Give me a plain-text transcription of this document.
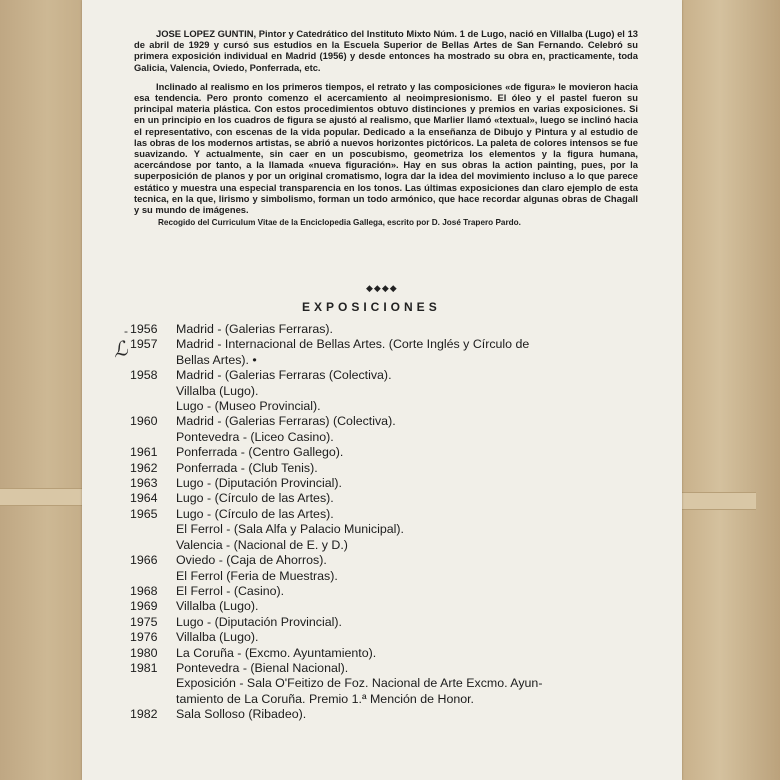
JOSE LOPEZ GUNTIN, Pintor y Catedrático del Instituto Mixto Núm. 1 de Lugo, nació en Villalba (Lugo) el 13 de abril de 1929 y cursó sus estudios en la Escuela Superior de Bellas Artes de San Fernando. Celebró su primera exposición individual en Madrid (1956) y desde entonces ha mostrado su obra en, practicamente, toda Galicia, Valencia, Oviedo, Ponferrada, etc.

Inclinado al realismo en los primeros tiempos, el retrato y las composiciones «de figura» le movieron hacia esa tendencia. Pero pronto comenzo el acercamiento al neoimpresionismo. El óleo y el pastel fueron su principal materia plástica. Con estos procedimientos obtuvo distinciones y premios en varias exposiciones. Si en un principio en los cuadros de figura se ajustó al realismo, que Marlier llamó «textual», luego se inclinó hacia el representativo, con escenas de la vida popular. Dedicado a la enseñanza de Dibujo y Pintura y al estudio de las obras de los modernos artistas, se abrió a nuevos horizontes pictóricos. La paleta de colores intensos se fue suavizando. Y actualmente, sin caer en un poscubismo, geometriza los elementos y la figura humana, acercándose por tanto, a la llamada «nueva figuración». Hay en sus obras la action painting, pues, por la superposición de planos y por un original cromatismo, logra dar la idea del movimiento incluso a lo que parece estático y muestra una especial transparencia en los tonos. Las últimas exposiciones dan claro ejemplo de esta tecnica, en la que, lirismo y simbolismo, forman un todo armónico, que hace recordar algunas obras de Chagall y su mundo de imágenes.

Recogido del Curriculum Vitae de la Enciclopedia Gallega, escrito por D. José Trapero Pardo.
◆◆◆◆
EXPOSICIONES
-
ℒ
1956	Madrid - (Galerias Ferraras).
1957	Madrid - Internacional de Bellas Artes. (Corte Inglés y Círculo de
Bellas Artes). •
1958	Madrid - (Galerias Ferraras (Colectiva).
Villalba (Lugo).
Lugo - (Museo Provincial).
1960	Madrid - (Galerias Ferraras) (Colectiva).
Pontevedra - (Liceo Casino).
1961	Ponferrada - (Centro Gallego).
1962	Ponferrada - (Club Tenis).
1963	Lugo - (Diputación Provincial).
1964	Lugo - (Círculo de las Artes).
1965	Lugo - (Círculo de las Artes).
El Ferrol - (Sala Alfa y Palacio Municipal).
Valencia - (Nacional de E. y D.)
1966	Oviedo - (Caja de Ahorros).
El Ferrol (Feria de Muestras).
1968	El Ferrol - (Casino).
1969	Villalba (Lugo).
1975	Lugo - (Diputación Provincial).
1976	Villalba (Lugo).
1980	La Coruña - (Excmo. Ayuntamiento).
1981	Pontevedra - (Bienal Nacional).
Exposición - Sala O'Feitizo de Foz. Nacional de Arte Excmo. Ayun-
tamiento de La Coruña. Premio 1.ª Mención de Honor.
1982	Sala Solloso (Ribadeo).
